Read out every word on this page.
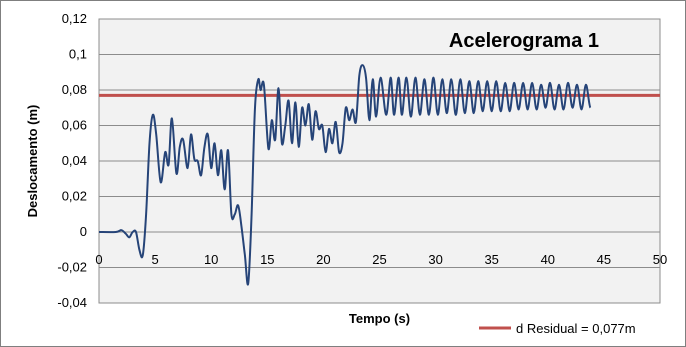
-0,04
-0,02
0
0,02
0,04
0,06
0,08
0,1
0,12
0	5	10	15	20	25	30	35	40	45	50
Acelerograma 1
Tempo (s)
Deslocamento (m)
d Residual = 0,077m
